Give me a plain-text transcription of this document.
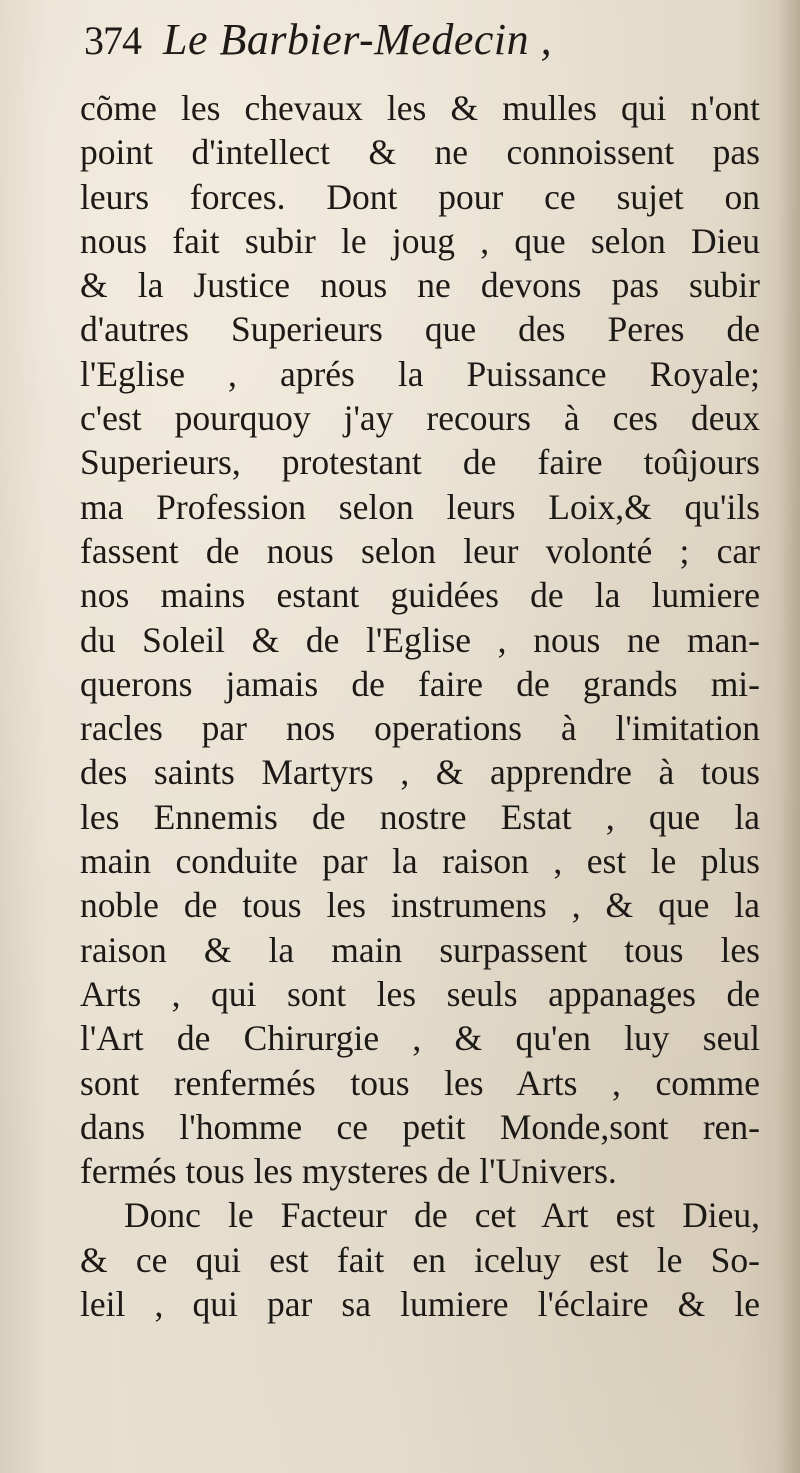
374 Le Barbier-Medecin ,
cõme les chevaux les & mulles qui n'ont
point d'intellect & ne connoissent pas
leurs forces. Dont pour ce sujet on
nous fait subir le joug , que selon Dieu
& la Justice nous ne devons pas subir
d'autres Superieurs que des Peres de
l'Eglise , aprés la Puissance Royale;
c'est pourquoy j'ay recours à ces deux
Superieurs, protestant de faire toûjours
ma Profession selon leurs Loix,& qu'ils
fassent de nous selon leur volonté ; car
nos mains estant guidées de la lumiere
du Soleil & de l'Eglise , nous ne man-
querons jamais de faire de grands mi-
racles par nos operations à l'imitation
des saints Martyrs , & apprendre à tous
les Ennemis de nostre Estat , que la
main conduite par la raison , est le plus
noble de tous les instrumens , & que la
raison & la main surpassent tous les
Arts , qui sont les seuls appanages de
l'Art de Chirurgie , & qu'en luy seul
sont renfermés tous les Arts , comme
dans l'homme ce petit Monde,sont ren-
fermés tous les mysteres de l'Univers.
Donc le Facteur de cet Art est Dieu,
& ce qui est fait en iceluy est le So-
leil , qui par sa lumiere l'éclaire & le
